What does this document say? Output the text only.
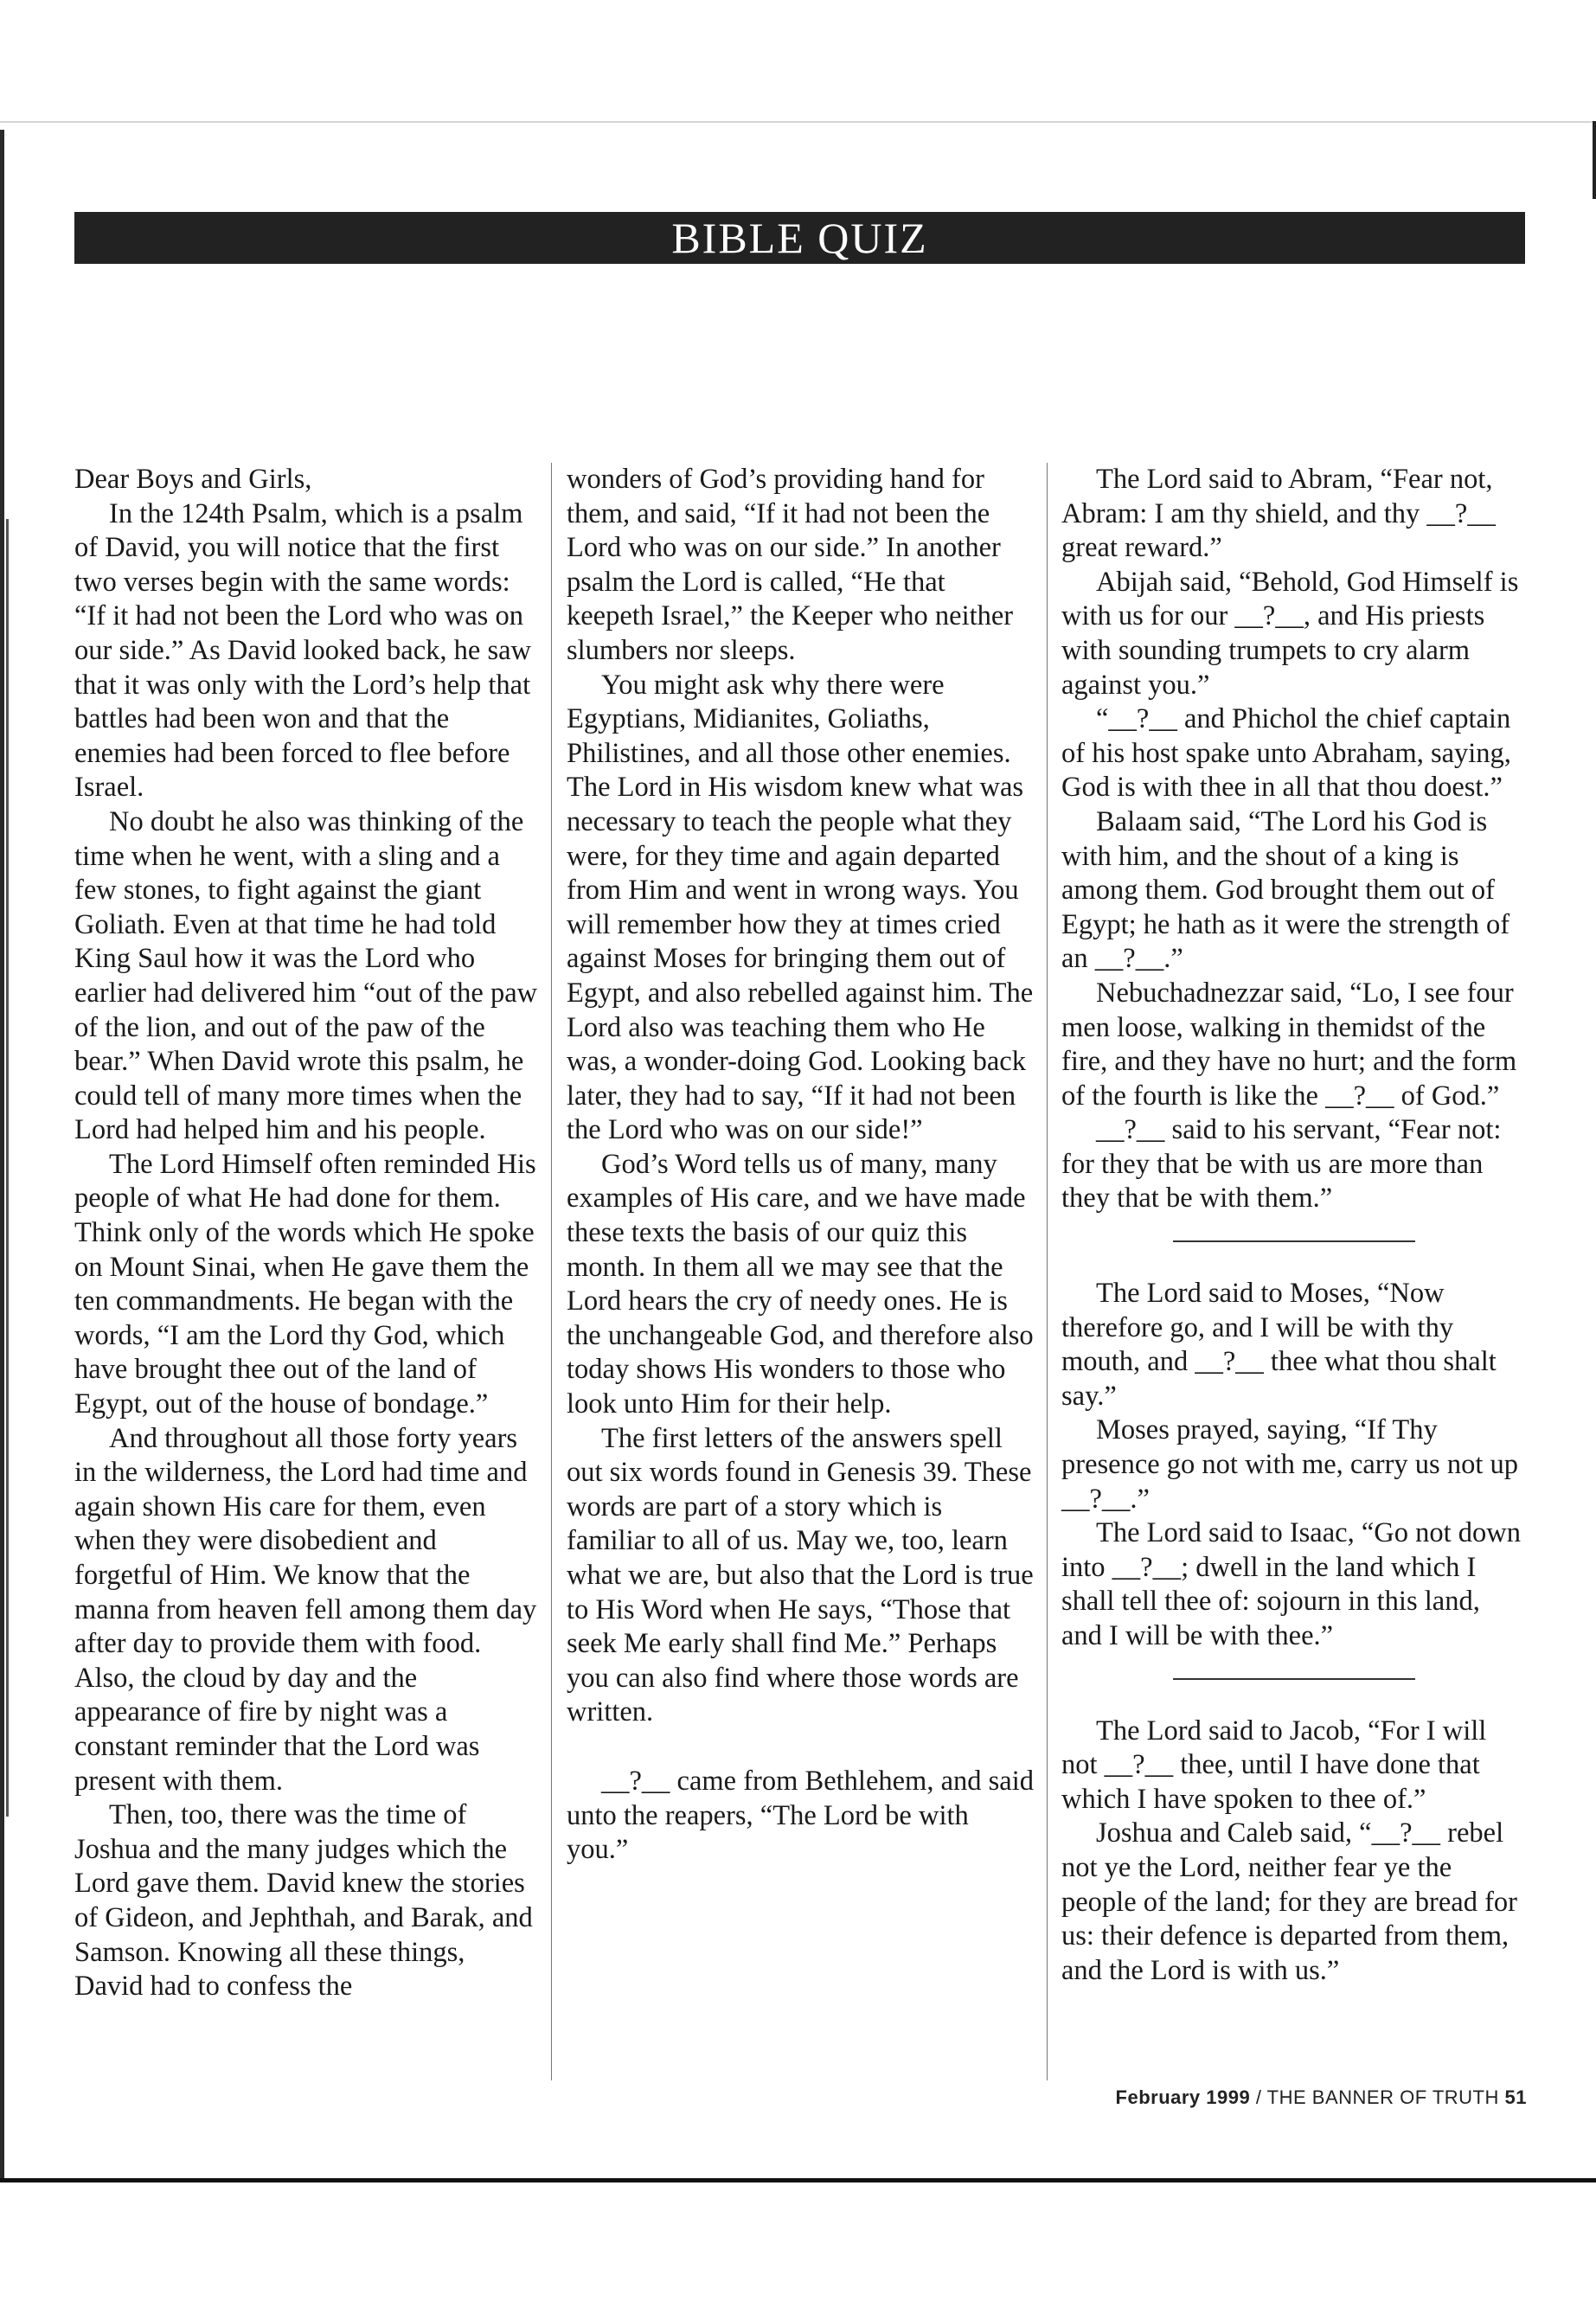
BIBLE QUIZ

Dear Boys and Girls,

In the 124th Psalm, which is a psalm of David, you will notice that the first two verses begin with the same words: “If it had not been the Lord who was on our side.” As David looked back, he saw that it was only with the Lord’s help that battles had been won and that the enemies had been forced to flee before Israel.

No doubt he also was thinking of the time when he went, with a sling and a few stones, to fight against the giant Goliath. Even at that time he had told King Saul how it was the Lord who earlier had delivered him “out of the paw of the lion, and out of the paw of the bear.” When David wrote this psalm, he could tell of many more times when the Lord had helped him and his people.

The Lord Himself often reminded His people of what He had done for them. Think only of the words which He spoke on Mount Sinai, when He gave them the ten commandments. He began with the words, “I am the Lord thy God, which have brought thee out of the land of Egypt, out of the house of bondage.”

And throughout all those forty years in the wilderness, the Lord had time and again shown His care for them, even when they were disobedient and forgetful of Him. We know that the manna from heaven fell among them day after day to provide them with food. Also, the cloud by day and the appearance of fire by night was a constant reminder that the Lord was present with them.

Then, too, there was the time of Joshua and the many judges which the Lord gave them. David knew the stories of Gideon, and Jephthah, and Barak, and Samson. Knowing all these things, David had to confess the

wonders of God’s providing hand for them, and said, “If it had not been the Lord who was on our side.” In another psalm the Lord is called, “He that keepeth Israel,” the Keeper who neither slumbers nor sleeps.

You might ask why there were Egyptians, Midianites, Goliaths, Philistines, and all those other enemies. The Lord in His wisdom knew what was necessary to teach the people what they were, for they time and again departed from Him and went in wrong ways. You will remember how they at times cried against Moses for bringing them out of Egypt, and also rebelled against him. The Lord also was teaching them who He was, a wonder-doing God. Looking back later, they had to say, “If it had not been the Lord who was on our side!”

God’s Word tells us of many, many examples of His care, and we have made these texts the basis of our quiz this month. In them all we may see that the Lord hears the cry of needy ones. He is the unchangeable God, and therefore also today shows His wonders to those who look unto Him for their help.

The first letters of the answers spell out six words found in Genesis 39. These words are part of a story which is familiar to all of us. May we, too, learn what we are, but also that the Lord is true to His Word when He says, “Those that seek Me early shall find Me.” Perhaps you can also find where those words are written.

__?__ came from Bethlehem, and said unto the reapers, “The Lord be with you.”

The Lord said to Abram, “Fear not, Abram: I am thy shield, and thy __?__ great reward.”

Abijah said, “Behold, God Himself is with us for our __?__, and His priests with sounding trumpets to cry alarm against you.”

“__?__ and Phichol the chief captain of his host spake unto Abraham, saying, God is with thee in all that thou doest.”

Balaam said, “The Lord his God is with him, and the shout of a king is among them. God brought them out of Egypt; he hath as it were the strength of an __?__.”

Nebuchadnezzar said, “Lo, I see four men loose, walking in themidst of the fire, and they have no hurt; and the form of the fourth is like the __?__ of God.”

__?__ said to his servant, “Fear not: for they that be with us are more than they that be with them.”

The Lord said to Moses, “Now therefore go, and I will be with thy mouth, and __?__ thee what thou shalt say.”

Moses prayed, saying, “If Thy presence go not with me, carry us not up __?__.”

The Lord said to Isaac, “Go not down into __?__; dwell in the land which I shall tell thee of: sojourn in this land, and I will be with thee.”

The Lord said to Jacob, “For I will not __?__ thee, until I have done that which I have spoken to thee of.”

Joshua and Caleb said, “__?__ rebel not ye the Lord, neither fear ye the people of the land; for they are bread for us: their defence is departed from them, and the Lord is with us.”

February 1999 / THE BANNER OF TRUTH 51
